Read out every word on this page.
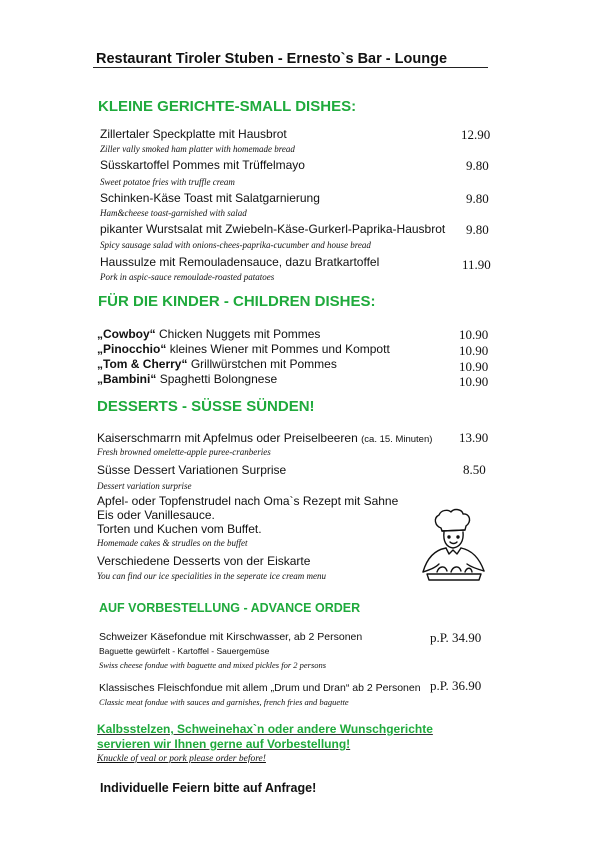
Restaurant Tiroler Stuben - Ernesto`s Bar - Lounge
KLEINE GERICHTE-SMALL DISHES:
Zillertaler Speckplatte mit Hausbrot
Ziller vally smoked ham platter with homemade bread
12.90
Süsskartoffel Pommes mit Trüffelmayo
Sweet potatoe fries with truffle cream
9.80
Schinken-Käse Toast mit Salatgarnierung
Ham&cheese toast-garnished with salad
9.80
pikanter Wurstsalat mit Zwiebeln-Käse-Gurkerl-Paprika-Hausbrot
Spicy sausage salad with onions-chees-paprika-cucumber and house bread
9.80
Haussulze mit Remouladensauce, dazu Bratkartoffel
Pork in aspic-sauce remoulade-roasted patatoes
11.90
FÜR DIE KINDER - CHILDREN DISHES:
„Cowboy“ Chicken Nuggets mit Pommes
„Pinocchio“ kleines Wiener mit Pommes und Kompott
„Tom & Cherry“ Grillwürstchen mit Pommes
„Bambini“ Spaghetti Bolongnese
10.90
10.90
10.90
10.90
DESSERTS - SÜSSE SÜNDEN!
Kaiserschmarrn mit Apfelmus oder Preiselbeeren (ca. 15. Minuten)
Fresh browned omelette-apple puree-cranberies
13.90
Süsse Dessert Variationen Surprise
Dessert variation surprise
8.50
Apfel- oder Topfenstrudel nach Oma`s Rezept mit Sahne
Eis oder Vanillesauce.
Torten und Kuchen vom Buffet.
Homemade cakes & strudles on the buffet
Verschiedene Desserts von der Eiskarte
You can find our ice specialities in the seperate ice cream menu
AUF VORBESTELLUNG - ADVANCE ORDER
Schweizer Käsefondue mit Kirschwasser, ab 2 Personen
Baguette gewürfelt - Kartoffel - Sauergemüse
Swiss cheese fondue with baguette and mixed pickles for 2 persons
p.P. 34.90
Klassisches Fleischfondue mit allem „Drum und Dran“ ab 2 Personen
Classic meat fondue with sauces and garnishes, french fries and baguette
p.P. 36.90
Kalbsstelzen, Schweinehax`n oder andere Wunschgerichte
servieren wir Ihnen gerne auf Vorbestellung!
Knuckle of veal or pork please order before!
Individuelle Feiern bitte auf Anfrage!
